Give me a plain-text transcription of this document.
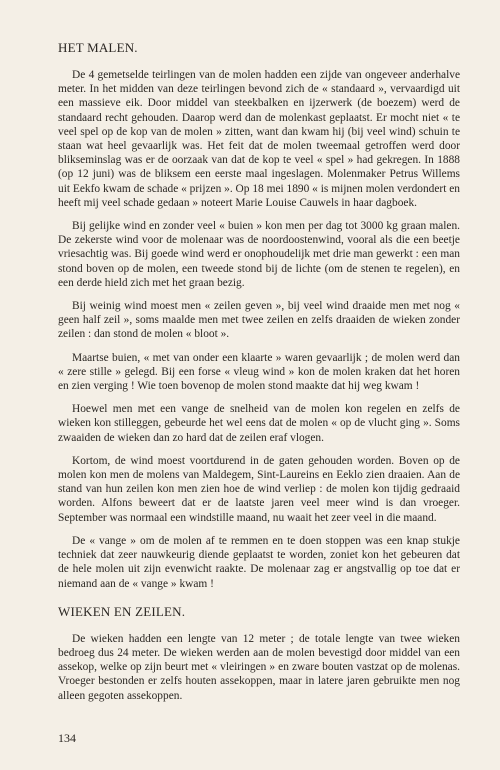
HET MALEN.

De 4 gemetselde teirlingen van de molen hadden een zijde van ongeveer anderhalve meter. In het midden van deze teirlingen bevond zich de « standaard », vervaardigd uit een massieve eik. Door middel van steekbalken en ijzerwerk (de boezem) werd de standaard recht gehouden. Daarop werd dan de molenkast geplaatst. Er mocht niet « te veel spel op de kop van de molen » zitten, want dan kwam hij (bij veel wind) schuin te staan wat heel gevaarlijk was. Het feit dat de molen tweemaal getroffen werd door blikseminslag was er de oorzaak van dat de kop te veel « spel » had gekregen. In 1888 (op 12 juni) was de bliksem een eerste maal ingeslagen. Molenmaker Petrus Willems uit Eekfo kwam de schade « prijzen ». Op 18 mei 1890 « is mijnen molen verdondert en heeft mij veel schade gedaan » noteert Marie Louise Cauwels in haar dagboek.

Bij gelijke wind en zonder veel « buien » kon men per dag tot 3000 kg graan malen. De zekerste wind voor de molenaar was de noordoostenwind, vooral als die een beetje vriesachtig was. Bij goede wind werd er onophoudelijk met drie man gewerkt : een man stond boven op de molen, een tweede stond bij de lichte (om de stenen te regelen), en een derde hield zich met het graan bezig.

Bij weinig wind moest men « zeilen geven », bij veel wind draaide men met nog « geen half zeil », soms maalde men met twee zeilen en zelfs draaiden de wieken zonder zeilen : dan stond de molen « bloot ».

Maartse buien, « met van onder een klaarte » waren gevaarlijk ; de molen werd dan « zere stille » gelegd. Bij een forse « vleug wind » kon de molen kraken dat het horen en zien verging ! Wie toen bovenop de molen stond maakte dat hij weg kwam !

Hoewel men met een vange de snelheid van de molen kon regelen en zelfs de wieken kon stilleggen, gebeurde het wel eens dat de molen « op de vlucht ging ». Soms zwaaiden de wieken dan zo hard dat de zeilen eraf vlogen.

Kortom, de wind moest voortdurend in de gaten gehouden worden. Boven op de molen kon men de molens van Maldegem, Sint-Laureins en Eeklo zien draaien. Aan de stand van hun zeilen kon men zien hoe de wind verliep : de molen kon tijdig gedraaid worden. Alfons beweert dat er de laatste jaren veel meer wind is dan vroeger. September was normaal een windstille maand, nu waait het zeer veel in die maand.

De « vange » om de molen af te remmen en te doen stoppen was een knap stukje techniek dat zeer nauwkeurig diende geplaatst te worden, zoniet kon het gebeuren dat de hele molen uit zijn evenwicht raakte. De molenaar zag er angstvallig op toe dat er niemand aan de « vange » kwam !

WIEKEN EN ZEILEN.

De wieken hadden een lengte van 12 meter ; de totale lengte van twee wieken bedroeg dus 24 meter. De wieken werden aan de molen bevestigd door middel van een assekop, welke op zijn beurt met « vleiringen » en zware bouten vastzat op de molenas. Vroeger bestonden er zelfs houten assekoppen, maar in latere jaren gebruikte men nog alleen gegoten assekoppen.

134
